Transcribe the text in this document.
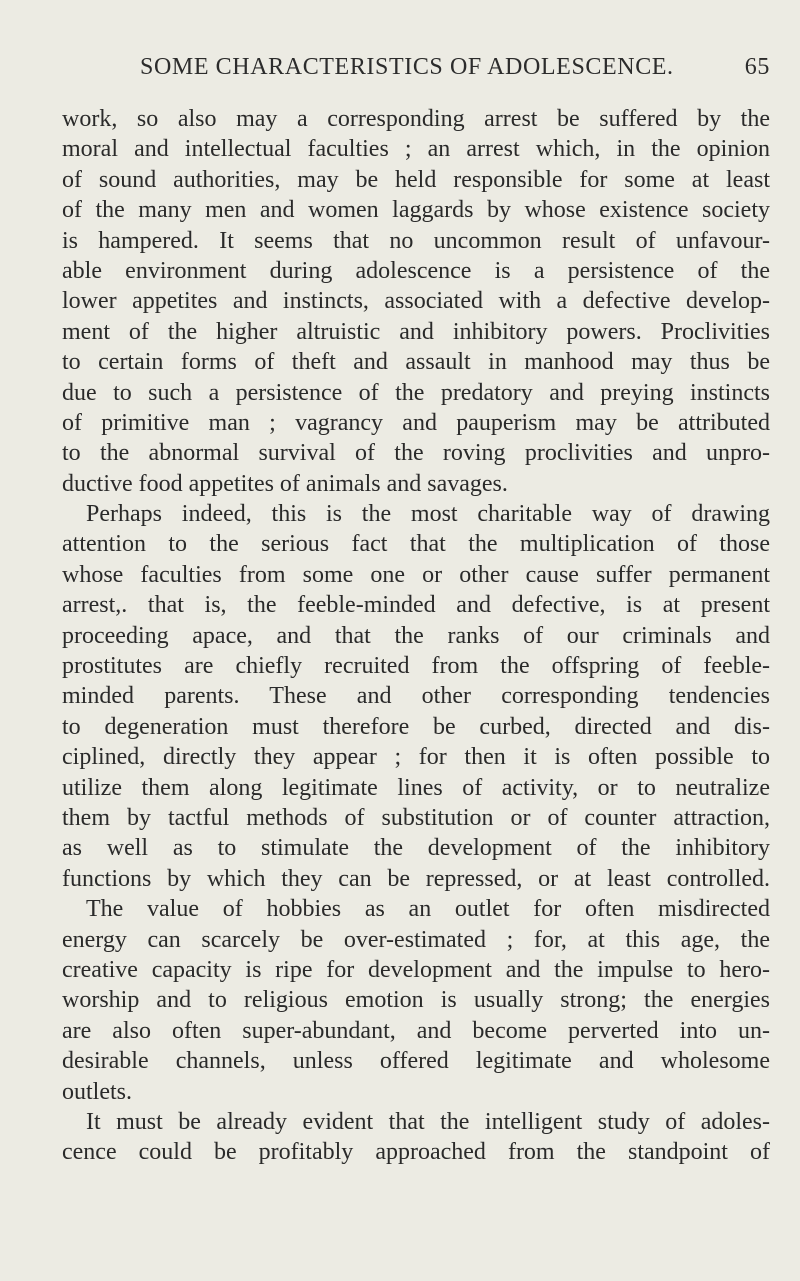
SOME CHARACTERISTICS OF ADOLESCENCE.	65
work, so also may a corresponding arrest be suffered by the
moral and intellectual faculties ; an arrest which, in the opinion
of sound authorities, may be held responsible for some at least
of the many men and women laggards by whose existence society
is hampered. It seems that no uncommon result of unfavour-
able environment during adolescence is a persistence of the
lower appetites and instincts, associated with a defective develop-
ment of the higher altruistic and inhibitory powers. Proclivities
to certain forms of theft and assault in manhood may thus be
due to such a persistence of the predatory and preying instincts
of primitive man ; vagrancy and pauperism may be attributed
to the abnormal survival of the roving proclivities and unpro-
ductive food appetites of animals and savages.
Perhaps indeed, this is the most charitable way of drawing
attention to the serious fact that the multiplication of those
whose faculties from some one or other cause suffer permanent
arrest,. that is, the feeble-minded and defective, is at present
proceeding apace, and that the ranks of our criminals and
prostitutes are chiefly recruited from the offspring of feeble-
minded parents. These and other corresponding tendencies
to degeneration must therefore be curbed, directed and dis-
ciplined, directly they appear ; for then it is often possible to
utilize them along legitimate lines of activity, or to neutralize
them by tactful methods of substitution or of counter attraction,
as well as to stimulate the development of the inhibitory
functions by which they can be repressed, or at least controlled.
The value of hobbies as an outlet for often misdirected
energy can scarcely be over-estimated ; for, at this age, the
creative capacity is ripe for development and the impulse to hero-
worship and to religious emotion is usually strong; the energies
are also often super-abundant, and become perverted into un-
desirable channels, unless offered legitimate and wholesome
outlets.
It must be already evident that the intelligent study of adoles-
cence could be profitably approached from the standpoint of
